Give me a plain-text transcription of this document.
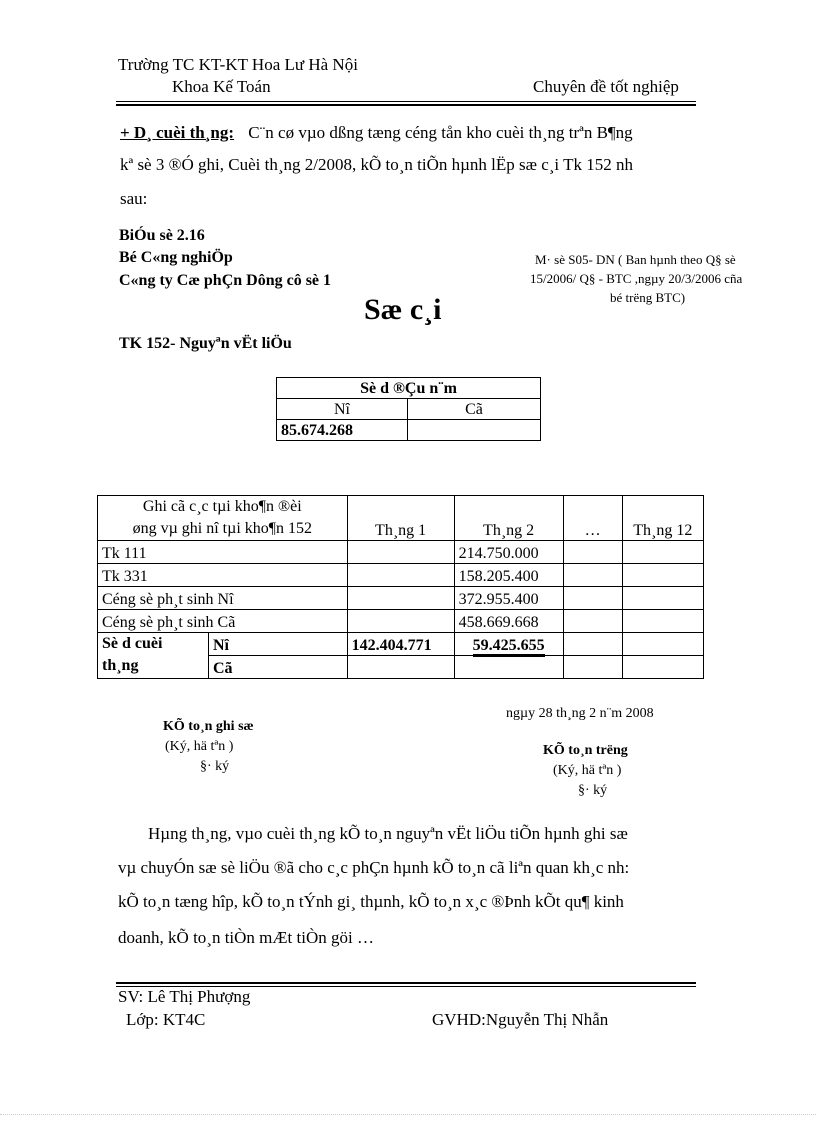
Trường TC KT-KT Hoa Lư Hà Nội
Khoa Kế Toán	Chuyên đề tốt nghiệp
+ D¸ cuèi th¸ng: C¨n cø vµo dßng tæng céng tån kho cuèi th¸ng trªn B¶ng
kª sè 3 ®Ó ghi, Cuèi th¸ng 2/2008, kÕ to¸n tiÕn hµnh lËp sæ c¸i Tk 152 nh
sau:
BiÓu sè 2.16
Bé C«ng nghiÖp
C«ng ty Cæ phÇn Dông cô sè 1
M· sè S05- DN ( Ban hµnh theo Q§ sè
15/2006/ Q§ - BTC ,ngµy 20/3/2006 cña
bé trëng BTC)
Sæ c¸i
TK 152- Nguyªn vËt liÖu
Sè d ®Çu n¨m	
Nî	Cã
85.674.268	
Ghi cã c¸c tµi kho¶n ®èi
øng vµ ghi nî tµi kho¶n 152		Th¸ng 1	Th¸ng 2	…	Th¸ng 12
Tk 111			214.750.000		
Tk 331			158.205.400		
Céng sè ph¸t sinh Nî			372.955.400		
Céng sè ph¸t sinh Cã			458.669.668		

Sè d cuèi
th¸ng	Nî	142.404.771	59.425.655		
	Cã				
ngµy 28 th¸ng 2 n¨m 2008
KÕ to¸n ghi sæ
(Ký, hä tªn )
§· ký
KÕ to¸n trëng
(Ký, hä tªn )
§· ký
Hµng th¸ng, vµo cuèi th¸ng kÕ to¸n nguyªn vËt liÖu tiÕn hµnh ghi sæ
vµ chuyÓn sæ sè liÖu ®ã cho c¸c phÇn hµnh kÕ to¸n cã liªn quan kh¸c nh:
kÕ to¸n tæng hîp, kÕ to¸n tÝnh gi¸ thµnh, kÕ to¸n x¸c ®Þnh kÕt qu¶ kinh
doanh, kÕ to¸n tiÒn mÆt tiÒn göi …
SV: Lê Thị Phượng
Lớp: KT4C	GVHD:Nguyễn Thị Nhẫn
